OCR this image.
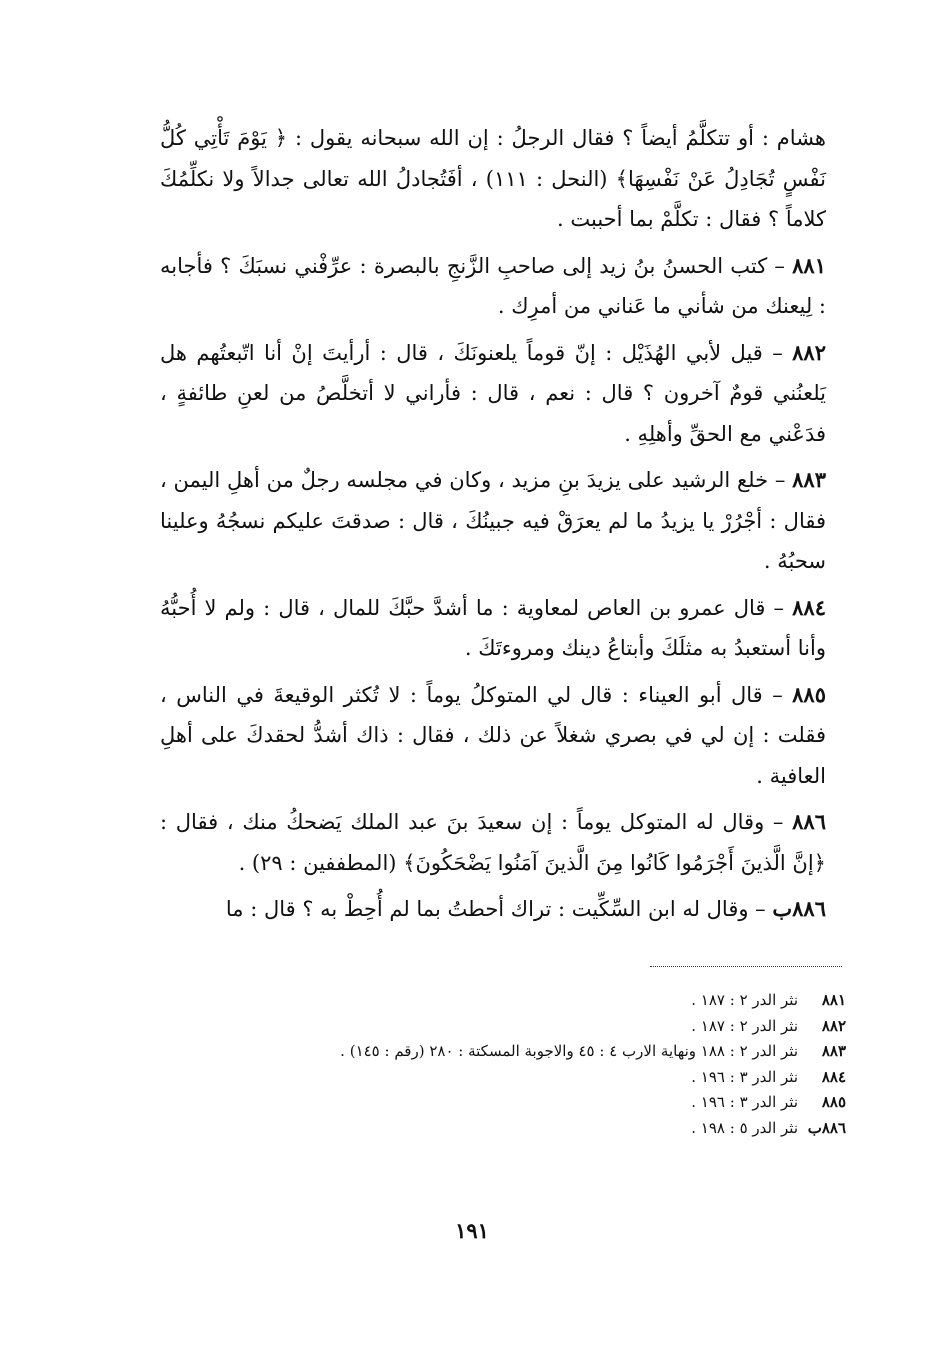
هشام : أو تتكلَّمُ أيضاً ؟ فقال الرجلُ : إن الله سبحانه يقول : ﴿ يَوْمَ تَأْتِي كُلُّ نَفْسٍ تُجَادِلُ عَنْ نَفْسِهَا﴾ (النحل : ١١١) ، أفَتُجادلُ الله تعالى جدالاً ولا نكلِّمُكَ كلاماً ؟ فقال : تكلَّمْ بما أحببت .

٨٨١ – كتب الحسنُ بنُ زيد إلى صاحبِ الزَّنجِ بالبصرة : عرِّفْني نسبَكَ ؟ فأجابه : لِيعنك من شأني ما عَناني من أمرِك .

٨٨٢ – قيل لأبي الهُذَيْل : إنّ قوماً يلعنونَكَ ، قال : أرأيتَ إنْ أنا اتّبعتُهم هل يَلعنُني قومٌ آخرون ؟ قال : نعم ، قال : فأراني لا أتخلَّصُ من لعنِ طائفةٍ ، فدَعْني مع الحقِّ وأهلِهِ .

٨٨٣ – خلع الرشيد على يزيدَ بنِ مزيد ، وكان في مجلسه رجلٌ من أهلِ اليمن ، فقال : أجْرُرْ يا يزيدُ ما لم يعرَقْ فيه جبينُكَ ، قال : صدقتَ عليكم نسجُهُ وعلينا سحبُهُ .

٨٨٤ – قال عمرو بن العاص لمعاوية : ما أشدَّ حبَّكَ للمال ، قال : ولم لا أُحبُّهُ وأنا أستعبدُ به مثلَكَ وأبتاعُ دينك ومروءتَكَ .

٨٨٥ – قال أبو العيناء : قال لي المتوكلُ يوماً : لا تُكثر الوقيعةَ في الناس ، فقلت : إن لي في بصري شغلاً عن ذلك ، فقال : ذاك أشدُّ لحقدكَ على أهلِ العافية .

٨٨٦ – وقال له المتوكل يوماً : إن سعيدَ بنَ عبد الملك يَضحكُ منك ، فقال : ﴿إنَّ الَّذينَ أَجْرَمُوا كَانُوا مِنَ الَّذينَ آمَنُوا يَضْحَكُونَ﴾ (المطففين : ٢٩) .

٨٨٦ب – وقال له ابن السِّكِّيت : تراك أحطتُ بما لم أُحِطْ به ؟ قال : ما

٨٨١
نثر الدر ٢ : ١٨٧ .
٨٨٢
نثر الدر ٢ : ١٨٧ .
٨٨٣
نثر الدر ٢ : ١٨٨ ونهاية الارب ٤ : ٤٥ والاجوبة المسكتة : ٢٨٠ (رقم : ١٤٥) .
٨٨٤
نثر الدر ٣ : ١٩٦ .
٨٨٥
نثر الدر ٣ : ١٩٦ .
٨٨٦ب
نثر الدر ٥ : ١٩٨ .
١٩١
